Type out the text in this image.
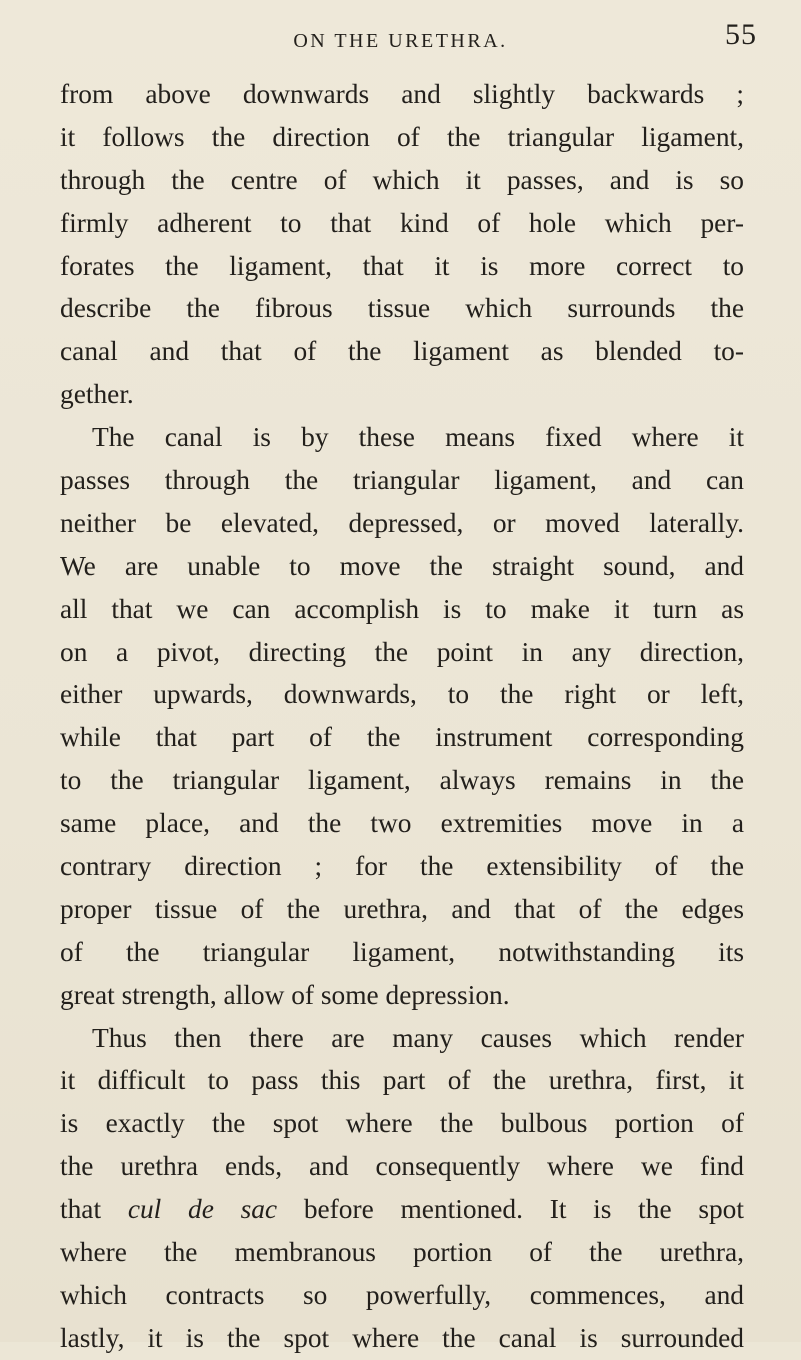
ON THE URETHRA.	55
from above downwards and slightly backwards ;
it follows the direction of the triangular ligament,
through the centre of which it passes, and is so
firmly adherent to that kind of hole which per-
forates the ligament, that it is more correct to
describe the fibrous tissue which surrounds the
canal and that of the ligament as blended to-
gether.
The canal is by these means fixed where it
passes through the triangular ligament, and can
neither be elevated, depressed, or moved laterally.
We are unable to move the straight sound, and
all that we can accomplish is to make it turn as
on a pivot, directing the point in any direction,
either upwards, downwards, to the right or left,
while that part of the instrument corresponding
to the triangular ligament, always remains in the
same place, and the two extremities move in a
contrary direction ; for the extensibility of the
proper tissue of the urethra, and that of the edges
of the triangular ligament, notwithstanding its
great strength, allow of some depression.
Thus then there are many causes which render
it difficult to pass this part of the urethra, first, it
is exactly the spot where the bulbous portion of
the urethra ends, and consequently where we find
that cul de sac before mentioned. It is the spot
where the membranous portion of the urethra,
which contracts so powerfully, commences, and
lastly, it is the spot where the canal is surrounded
